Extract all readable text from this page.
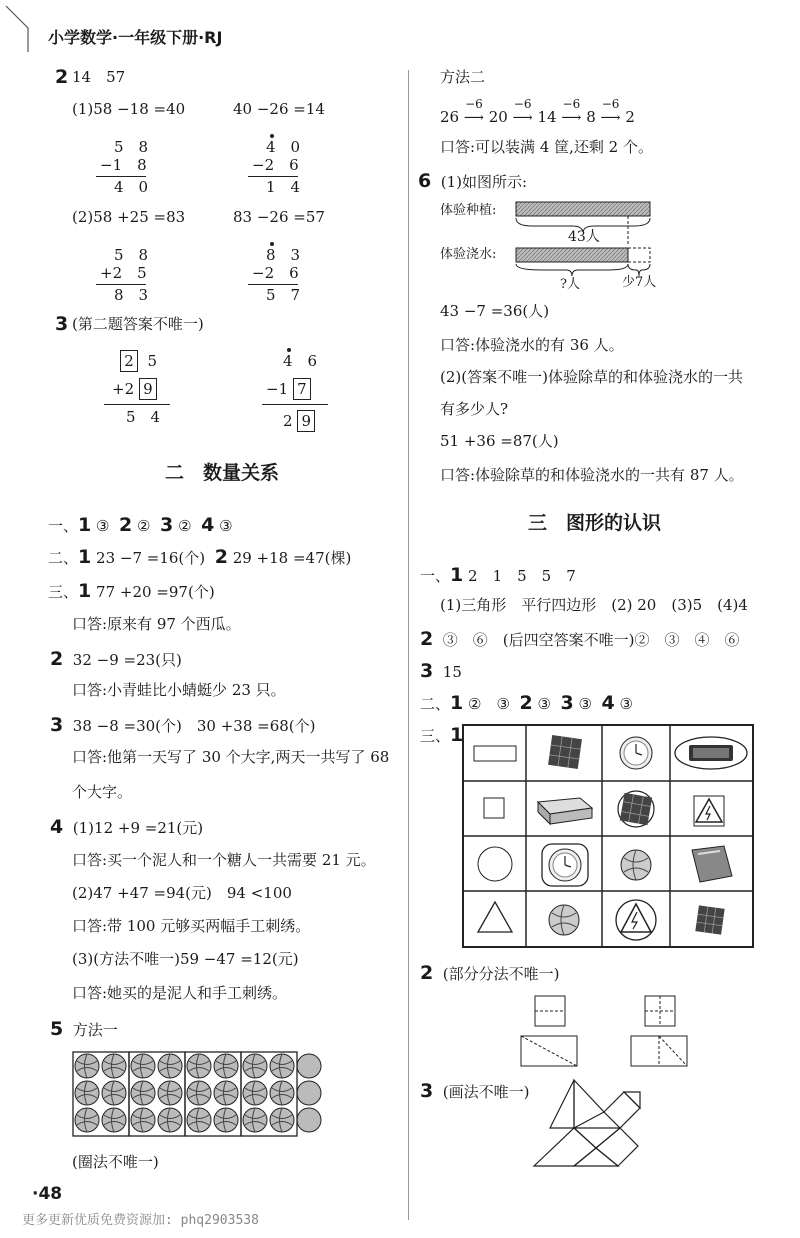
小学数学·一年级下册·RJ
2 14　57
(1)58 −18 =40	40 −26 =14
5　8
−1　8
4　0
4　0
−2　6
1　4
(2)58 +25 =83	83 −26 =57
5　8
+2　5
8　3
8　3
−2　6
5　7
3 (第二题答案不唯一)
2 5
+2 9
5　4
4　6
−1 7
2 9
二　数量关系
一、1 ③ 2 ② 3 ② 4 ③
二、1 23 −7 =16(个) 2 29 +18 =47(棵)
三、1 77 +20 =97(个)
口答:原来有 97 个西瓜。
2 32 −9 =23(只)
口答:小青蛙比小蜻蜓少 23 只。
3 38 −8 =30(个)　30 +38 =68(个)
口答:他第一天写了 30 个大字,两天一共写了 68
个大字。
4 (1)12 +9 =21(元)
口答:买一个泥人和一个糖人一共需要 21 元。
(2)47 +47 =94(元)　94 <100
口答:带 100 元够买两幅手工刺绣。
(3)(方法不唯一)59 −47 =12(元)
口答:她买的是泥人和手工刺绣。
5 方法一
(圈法不唯一)
·48
方法二
26
−6
⟶ 20
−6
⟶ 14
−6
⟶ 8
−6
⟶ 2
口答:可以装满 4 筐,还剩 2 个。
6 (1)如图所示:
体验种植:
体验浇水:
43人
?人	少7人
43 −7 =36(人)
口答:体验浇水的有 36 人。
(2)(答案不唯一)体验除草的和体验浇水的一共
有多少人?
51 +36 =87(人)
口答:体验除草的和体验浇水的一共有 87 人。
三　图形的认识
一、1 2　1　5　5　7
(1)三角形　平行四边形　(2) 20　(3)5　(4)4
2 ③　⑥　(后四空答案不唯一)②　③　④　⑥
3 15
二、1 ②　③ 2 ③ 3 ③ 4 ③
三、1
2 (部分分法不唯一)
3 (画法不唯一)
更多更新优质免费资源加: phq2903538
